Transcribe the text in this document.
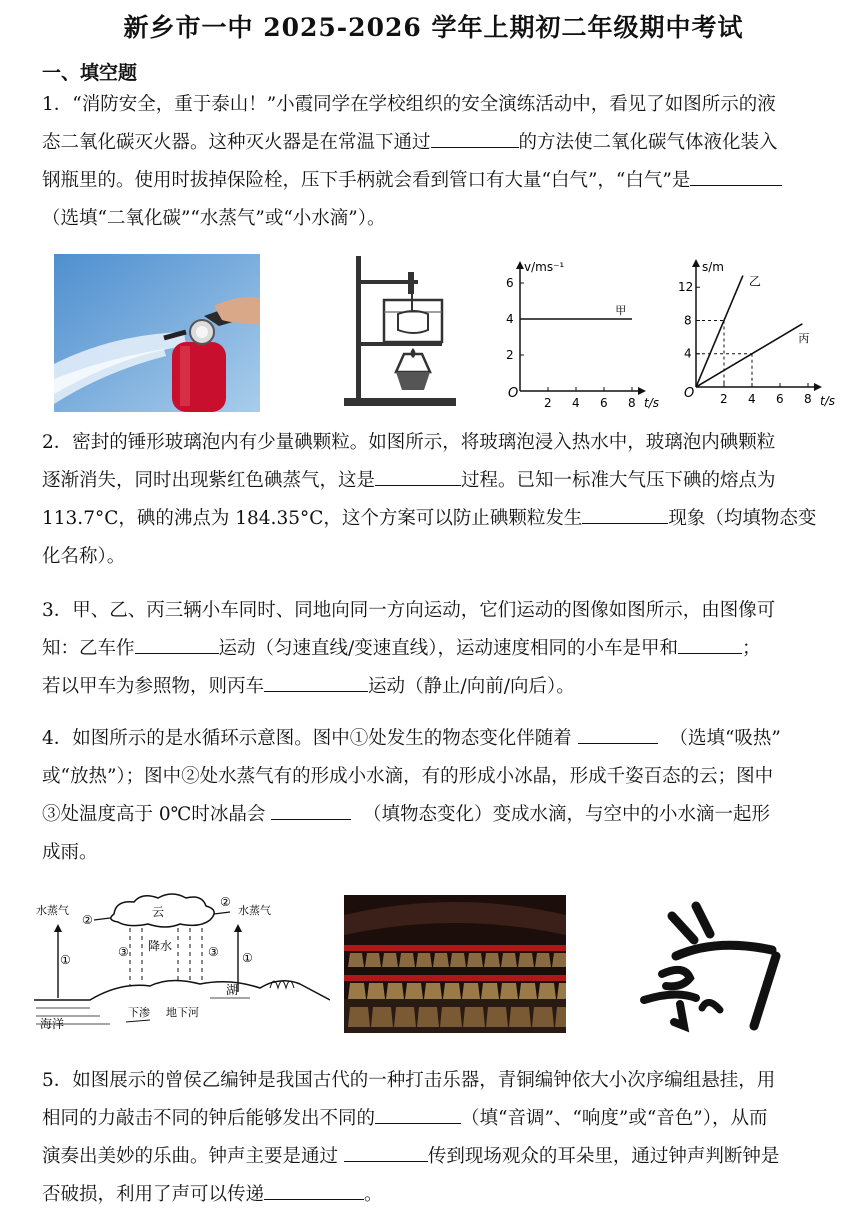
新乡市一中 2025-2026 学年上期初二年级期中考试
一、填空题
1．“消防安全，重于泰山！”小霞同学在学校组织的安全演练活动中，看见了如图所示的液
态二氧化碳灭火器。这种灭火器是在常温下通过	的方法使二氧化碳气体液化装入
钢瓶里的。使用时拔掉保险栓，压下手柄就会看到管口有大量“白气”，“白气”是
（选填“二氧化碳”“水蒸气”或“小水滴”）。
v/ms⁻¹
t/s
O
2 4 6 8
2
4
6
甲
s/m
t/s
O 2 4 6 8
4
8
12	乙
丙
2．密封的锤形玻璃泡内有少量碘颗粒。如图所示，将玻璃泡浸入热水中，玻璃泡内碘颗粒
逐渐消失，同时出现紫红色碘蒸气，这是	过程。已知一标准大气压下碘的熔点为
113.7°C，碘的沸点为 184.35°C，这个方案可以防止碘颗粒发生	现象（均填物态变
化名称）。
3．甲、乙、丙三辆小车同时、同地向同一方向运动，它们运动的图像如图所示，由图像可
知：乙车作	运动（匀速直线/变速直线），运动速度相同的小车是甲和	；
若以甲车为参照物，则丙车	运动（静止/向前/向后）。
4．如图所示的是水循环示意图。图中①处发生的物态变化伴随着	（选填“吸热”
或“放热”）；图中②处水蒸气有的形成小水滴，有的形成小冰晶，形成千姿百态的云；图中
③处温度高于 0℃时冰晶会	（填物态变化）变成水滴，与空中的小水滴一起形
成雨。
云
水蒸气	水蒸气
②
②
①	①
③	③
降水
海洋
湖
下渗 地下河
5．如图展示的曾侯乙编钟是我国古代的一种打击乐器，青铜编钟依大小次序编组悬挂，用
相同的力敲击不同的钟后能够发出不同的	（填“音调”、“响度”或“音色”），从而
演奏出美妙的乐曲。钟声主要是通过	传到现场观众的耳朵里，通过钟声判断钟是
否破损，利用了声可以传递	。
